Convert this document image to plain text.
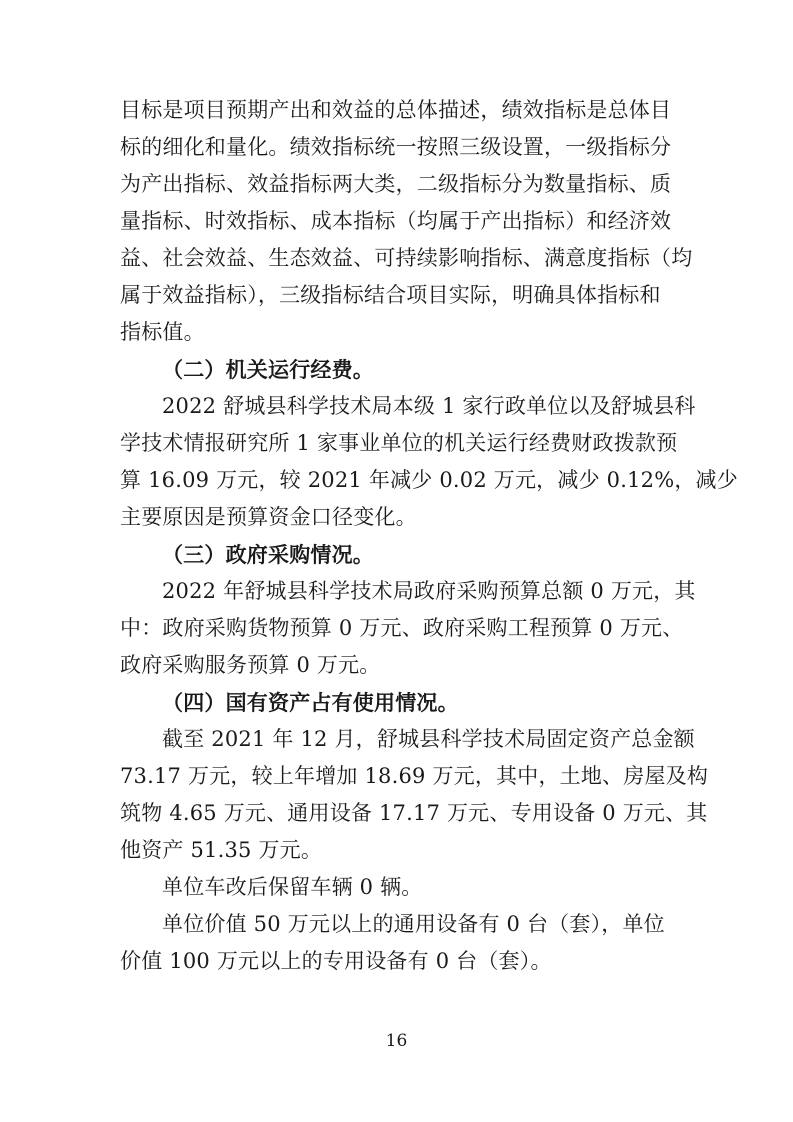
目标是项目预期产出和效益的总体描述，绩效指标是总体目
标的细化和量化。绩效指标统一按照三级设置，一级指标分
为产出指标、效益指标两大类，二级指标分为数量指标、质
量指标、时效指标、成本指标（均属于产出指标）和经济效
益、社会效益、生态效益、可持续影响指标、满意度指标（均
属于效益指标），三级指标结合项目实际，明确具体指标和
指标值。
（二）机关运行经费。
2022 舒城县科学技术局本级 1 家行政单位以及舒城县科
学技术情报研究所 1 家事业单位的机关运行经费财政拨款预
算 16.09 万元，较 2021 年减少 0.02 万元，减少 0.12%，减少
主要原因是预算资金口径变化。
（三）政府采购情况。
2022 年舒城县科学技术局政府采购预算总额 0 万元，其
中：政府采购货物预算 0 万元、政府采购工程预算 0 万元、
政府采购服务预算 0 万元。
（四）国有资产占有使用情况。
截至 2021 年 12 月，舒城县科学技术局固定资产总金额
73.17 万元，较上年增加 18.69 万元，其中，土地、房屋及构
筑物 4.65 万元、通用设备 17.17 万元、专用设备 0 万元、其
他资产 51.35 万元。
单位车改后保留车辆 0 辆。
单位价值 50 万元以上的通用设备有 0 台（套），单位
价值 100 万元以上的专用设备有 0 台（套）。
16
